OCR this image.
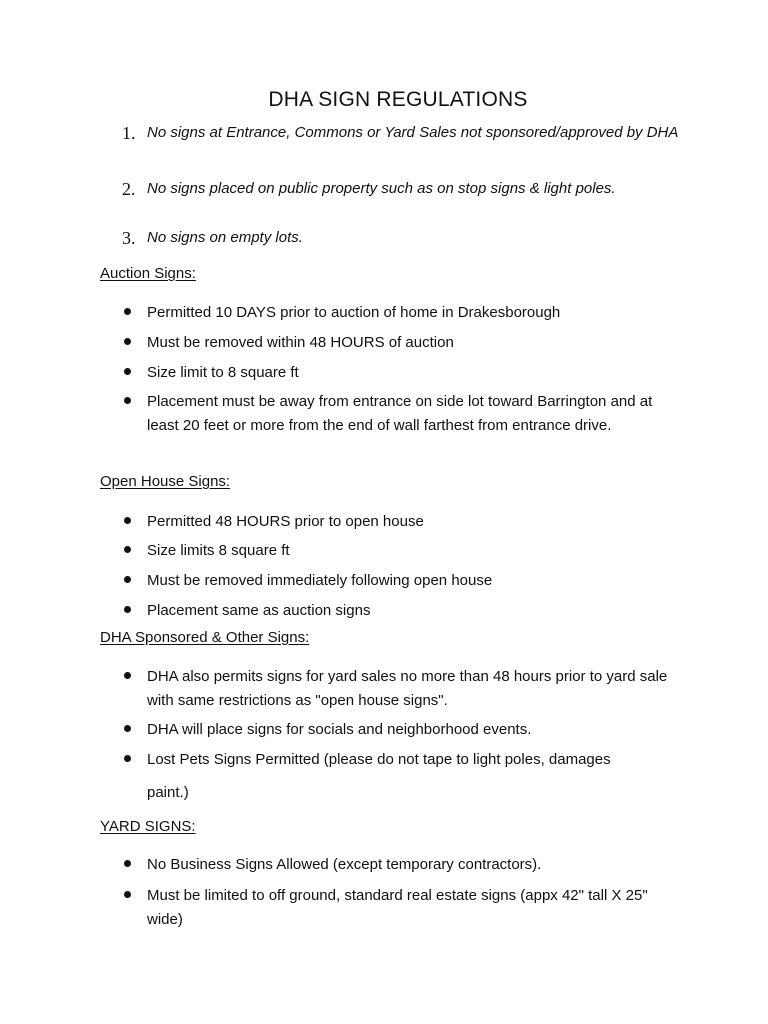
DHA SIGN REGULATIONS
1. No signs at Entrance, Commons or Yard Sales not sponsored/approved by DHA
2. No signs placed on public property such as on stop signs & light poles.
3. No signs on empty lots.
Auction Signs:
Permitted 10 DAYS prior to auction of home in Drakesborough
Must be removed within 48 HOURS of auction
Size limit to 8 square ft
Placement must be away from entrance on side lot toward Barrington and at least 20 feet or more from the end of wall farthest from entrance drive.
Open House Signs:
Permitted 48 HOURS prior to open house
Size limits 8 square ft
Must be removed immediately following open house
Placement same as auction signs
DHA Sponsored & Other Signs:
DHA also permits signs for yard sales no more than 48 hours prior to yard sale with same restrictions as "open house signs".
DHA will place signs for socials and neighborhood events.
Lost Pets Signs Permitted (please do not tape to light poles, damages
paint.)
YARD SIGNS:
No Business Signs Allowed (except temporary contractors).
Must be limited to off ground, standard real estate signs (appx 42" tall X 25" wide)
